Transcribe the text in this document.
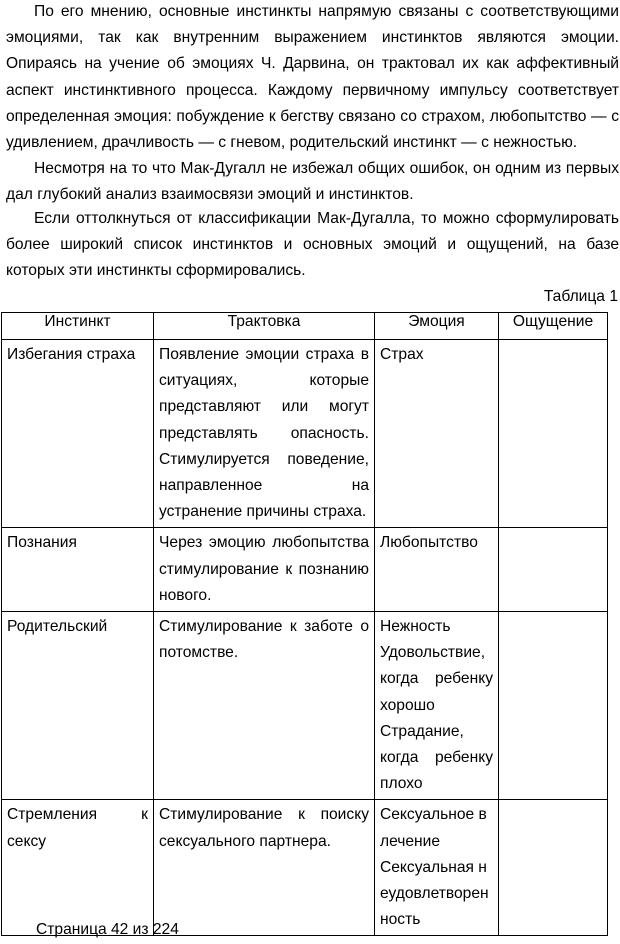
По его мнению, основные инстинкты напрямую связаны с соответствующими эмоциями, так как внутренним выражением инстинктов являются эмоции. Опираясь на учение об эмоциях Ч. Дарвина, он трактовал их как аффективный аспект инстинктивного процесса. Каждому первичному импульсу соответствует определенная эмоция: побуждение к бегству связано со страхом, любопытство — с удивлением, драчливость — с гневом, родительский инстинкт — с нежностью.

Несмотря на то что Мак-Дугалл не избежал общих ошибок, он одним из первых дал глубокий анализ взаимосвязи эмоций и инстинктов.

Если оттолкнуться от классификации Мак-Дугалла, то можно сформулировать более широкий список инстинктов и основных эмоций и ощущений, на базе которых эти инстинкты сформировались.

Таблица 1
Инстинкт	Трактовка	Эмоция	Ощущение
Избегания страха	Появление эмоции страха в ситуациях, которые представляют или могут представлять опасность. Стимулируется поведение, направленное на устранение причины страха.	Страх	

Познания	Через эмоцию любопытства стимулирование к познанию нового.	Любопытство	

Родительский	Стимулирование к заботе о потомстве.	Нежность
Удовольствие, когда ребенку хорошо
Страдание, когда ребенку плохо	

Стремления к сексу	Стимулирование к поиску сексуального партнера.	Сексуальное влечение
Сексуальная неудовлетворенность	

Страница 42 из 224
